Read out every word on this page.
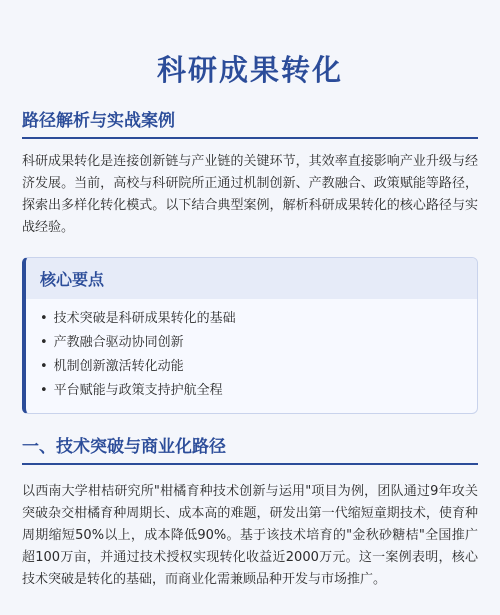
科研成果转化
路径解析与实战案例

科研成果转化是连接创新链与产业链的关键环节，其效率直接影响产业升级与经济发展。当前，高校与科研院所正通过机制创新、产教融合、政策赋能等路径，探索出多样化转化模式。以下结合典型案例，解析科研成果转化的核心路径与实战经验。

核心要点
• 技术突破是科研成果转化的基础
• 产教融合驱动协同创新
• 机制创新激活转化动能
• 平台赋能与政策支持护航全程
一、技术突破与商业化路径

以西南大学柑桔研究所"柑橘育种技术创新与运用"项目为例，团队通过9年攻关突破杂交柑橘育种周期长、成本高的难题，研发出第一代缩短童期技术，使育种周期缩短50%以上，成本降低90%。基于该技术培育的"金秋砂糖桔"全国推广超100万亩，并通过技术授权实现转化收益近2000万元。这一案例表明，核心技术突破是转化的基础，而商业化需兼顾品种开发与市场推广。
